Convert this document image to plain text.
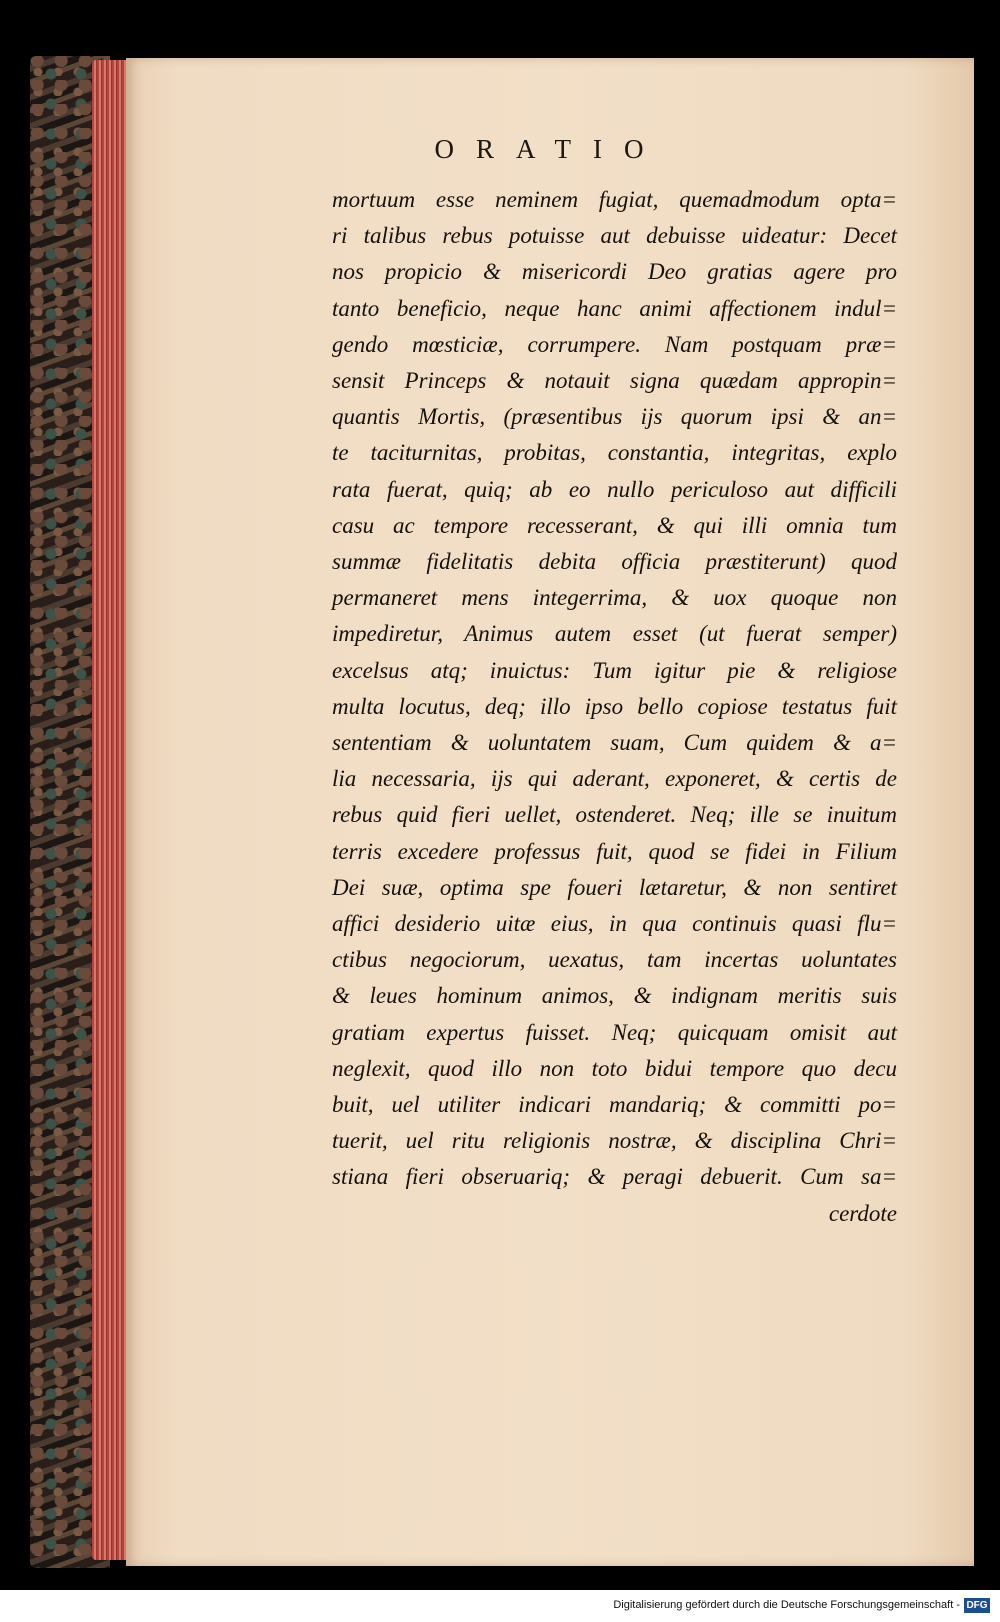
ORATIO
mortuum esse neminem fugiat, quemadmodum opta=
ri talibus rebus potuisse aut debuisse uideatur: Decet
nos propicio & misericordi Deo gratias agere pro
tanto beneficio, neque hanc animi affectionem indul=
gendo mœsticiæ, corrumpere. Nam postquam præ=
sensit Princeps & notauit signa quædam appropin=
quantis Mortis, (præsentibus ijs quorum ipsi & an=
te taciturnitas, probitas, constantia, integritas, explo
rata fuerat, quiq; ab eo nullo periculoso aut difficili
casu ac tempore recesserant, & qui illi omnia tum
summæ fidelitatis debita officia præstiterunt) quod
permaneret mens integerrima, & uox quoque non
impediretur, Animus autem esset (ut fuerat semper)
excelsus atq; inuictus: Tum igitur pie & religiose
multa locutus, deq; illo ipso bello copiose testatus fuit
sententiam & uoluntatem suam, Cum quidem & a=
lia necessaria, ijs qui aderant, exponeret, & certis de
rebus quid fieri uellet, ostenderet. Neq; ille se inuitum
terris excedere professus fuit, quod se fidei in Filium
Dei suæ, optima spe foueri lætaretur, & non sentiret
affici desiderio uitæ eius, in qua continuis quasi flu=
ctibus negociorum, uexatus, tam incertas uoluntates
& leues hominum animos, & indignam meritis suis
gratiam expertus fuisset. Neq; quicquam omisit aut
neglexit, quod illo non toto bidui tempore quo decu
buit, uel utiliter indicari mandariq; & committi po=
tuerit, uel ritu religionis nostræ, & disciplina Chri=
stiana fieri obseruariq; & peragi debuerit. Cum sa=
cerdote
Digitalisierung gefördert durch die Deutsche Forschungsgemeinschaft - DFG
